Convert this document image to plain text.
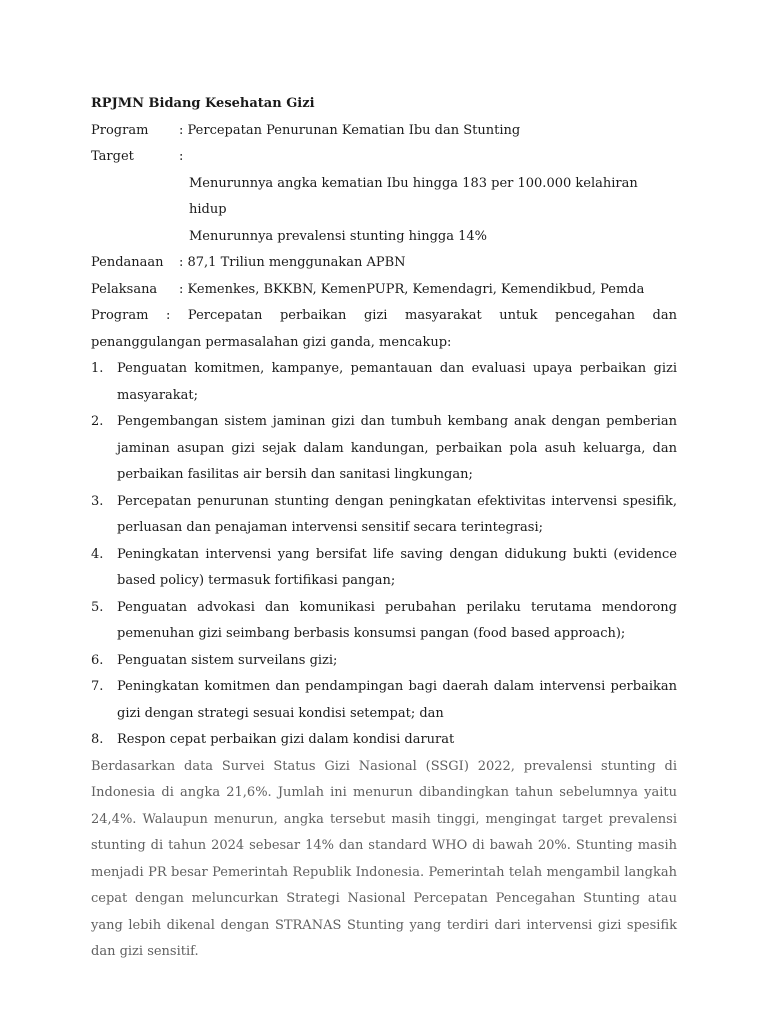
RPJMN Bidang Kesehatan Gizi

Program	: Percepatan Penurunan Kematian Ibu dan Stunting

Target	:

Menurunnya angka kematian Ibu hingga 183 per 100.000 kelahiran hidup

Menurunnya prevalensi stunting hingga 14%

Pendanaan	: 87,1 Triliun menggunakan APBN

Pelaksana	: Kemenkes, BKKBN, KemenPUPR, Kemendagri, Kemendikbud, Pemda

Program : Percepatan perbaikan gizi masyarakat untuk pencegahan dan penanggulangan permasalahan gizi ganda, mencakup:

1.	Penguatan komitmen, kampanye, pemantauan dan evaluasi upaya perbaikan gizi masyarakat;
2.	Pengembangan sistem jaminan gizi dan tumbuh kembang anak dengan pemberian jaminan asupan gizi sejak dalam kandungan, perbaikan pola asuh keluarga, dan perbaikan fasilitas air bersih dan sanitasi lingkungan;
3.	Percepatan penurunan stunting dengan peningkatan efektivitas intervensi spesifik, perluasan dan penajaman intervensi sensitif secara terintegrasi;
4.	Peningkatan intervensi yang bersifat life saving dengan didukung bukti (evidence based policy) termasuk fortifikasi pangan;
5.	Penguatan advokasi dan komunikasi perubahan perilaku terutama mendorong pemenuhan gizi seimbang berbasis konsumsi pangan (food based approach);
6.	Penguatan sistem surveilans gizi;
7.	Peningkatan komitmen dan pendampingan bagi daerah dalam intervensi perbaikan gizi dengan strategi sesuai kondisi setempat; dan
8.	Respon cepat perbaikan gizi dalam kondisi darurat

Berdasarkan data Survei Status Gizi Nasional (SSGI) 2022, prevalensi stunting di Indonesia di angka 21,6%. Jumlah ini menurun dibandingkan tahun sebelumnya yaitu 24,4%. Walaupun menurun, angka tersebut masih tinggi, mengingat target prevalensi stunting di tahun 2024 sebesar 14% dan standard WHO di bawah 20%. Stunting masih menjadi PR besar Pemerintah Republik Indonesia. Pemerintah telah mengambil langkah cepat dengan meluncurkan Strategi Nasional Percepatan Pencegahan Stunting atau yang lebih dikenal dengan STRANAS Stunting yang terdiri dari intervensi gizi spesifik dan gizi sensitif.
